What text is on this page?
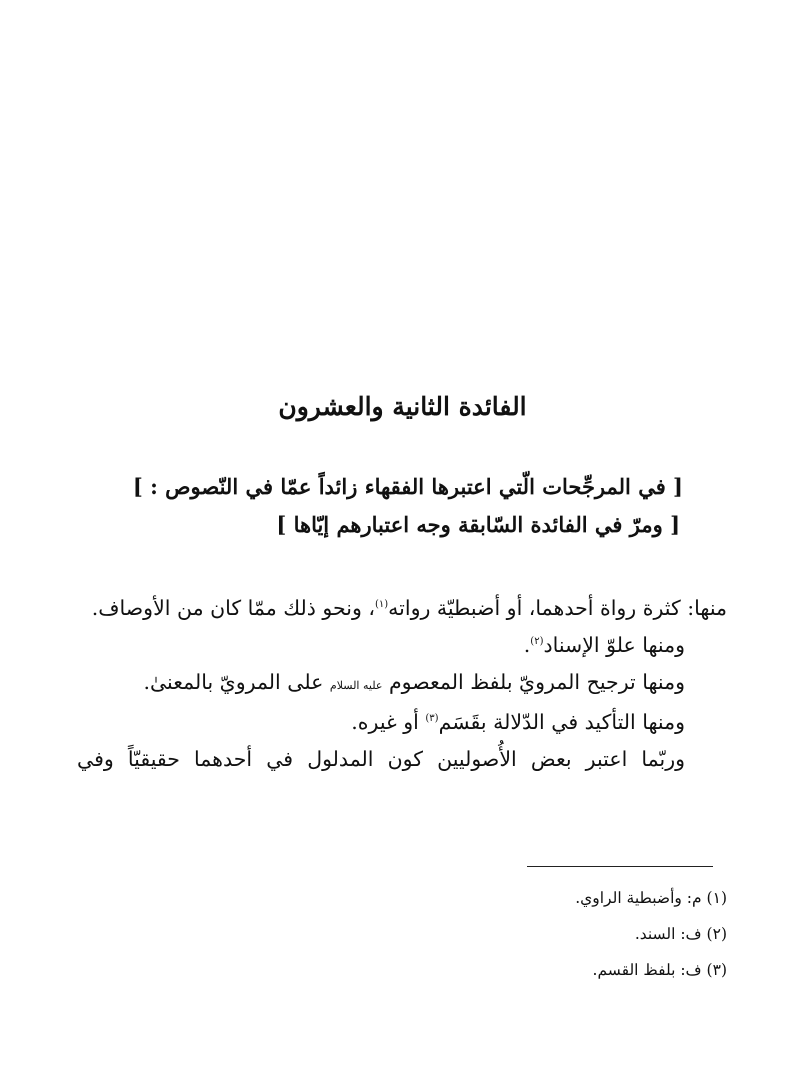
الفائدة الثانية والعشرون
[ في المرجِّحات الّتي اعتبرها الفقهاء زائداً عمّا في النّصوص : ]
[ ومرّ في الفائدة السّابقة وجه اعتبارهم إيّاها ]

منها: كثرة رواة أحدهما، أو أضبطيّة رواته$^{(١)}$، ونحو ذلك ممّا كان من الأوصاف.

ومنها علوّ الإسناد$^{(٢)}$.

ومنها ترجيح المرويّ بلفظ المعصوم عليه السلام على المرويّ بالمعنىٰ.

ومنها التأكيد في الدّلالة بقَسَم$^{(٣)}$ أو غيره.

وربّما اعتبر بعض الأُصوليين كون المدلول في أحدهما حقيقيّاً وفي

(١) م: وأضبطية الراوي.

(٢) ف: السند.

(٣) ف: بلفظ القسم.
